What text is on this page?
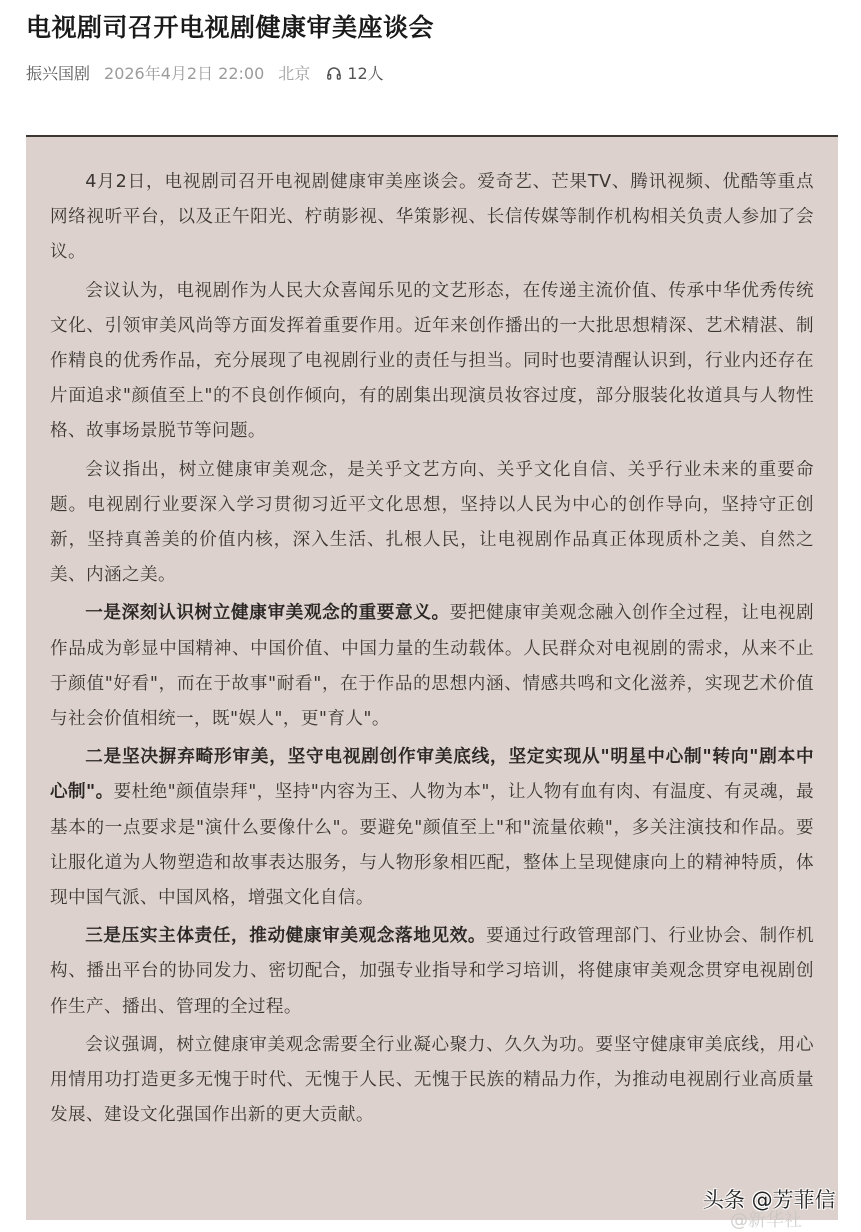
电视剧司召开电视剧健康审美座谈会
振兴国剧 2026年4月2日 22:00 北京 12人

4月2日，电视剧司召开电视剧健康审美座谈会。爱奇艺、芒果TV、腾讯视频、优酷等重点网络视听平台，以及正午阳光、柠萌影视、华策影视、长信传媒等制作机构相关负责人参加了会议。

会议认为，电视剧作为人民大众喜闻乐见的文艺形态，在传递主流价值、传承中华优秀传统文化、引领审美风尚等方面发挥着重要作用。近年来创作播出的一大批思想精深、艺术精湛、制作精良的优秀作品，充分展现了电视剧行业的责任与担当。同时也要清醒认识到，行业内还存在片面追求"颜值至上"的不良创作倾向，有的剧集出现演员妆容过度，部分服装化妆道具与人物性格、故事场景脱节等问题。

会议指出，树立健康审美观念，是关乎文艺方向、关乎文化自信、关乎行业未来的重要命题。电视剧行业要深入学习贯彻习近平文化思想，坚持以人民为中心的创作导向，坚持守正创新，坚持真善美的价值内核，深入生活、扎根人民，让电视剧作品真正体现质朴之美、自然之美、内涵之美。

一是深刻认识树立健康审美观念的重要意义。要把健康审美观念融入创作全过程，让电视剧作品成为彰显中国精神、中国价值、中国力量的生动载体。人民群众对电视剧的需求，从来不止于颜值"好看"，而在于故事"耐看"，在于作品的思想内涵、情感共鸣和文化滋养，实现艺术价值与社会价值相统一，既"娱人"，更"育人"。

二是坚决摒弃畸形审美，坚守电视剧创作审美底线，坚定实现从"明星中心制"转向"剧本中心制"。要杜绝"颜值崇拜"，坚持"内容为王、人物为本"，让人物有血有肉、有温度、有灵魂，最基本的一点要求是"演什么要像什么"。要避免"颜值至上"和"流量依赖"，多关注演技和作品。要让服化道为人物塑造和故事表达服务，与人物形象相匹配，整体上呈现健康向上的精神特质，体现中国气派、中国风格，增强文化自信。

三是压实主体责任，推动健康审美观念落地见效。要通过行政管理部门、行业协会、制作机构、播出平台的协同发力、密切配合，加强专业指导和学习培训，将健康审美观念贯穿电视剧创作生产、播出、管理的全过程。

会议强调，树立健康审美观念需要全行业凝心聚力、久久为功。要坚守健康审美底线，用心用情用功打造更多无愧于时代、无愧于人民、无愧于民族的精品力作，为推动电视剧行业高质量发展、建设文化强国作出新的更大贡献。

@新华社
头条 @芳菲信
